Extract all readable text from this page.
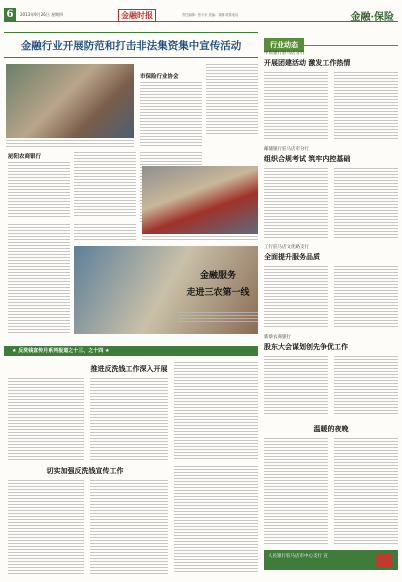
6	2013年9月26日 星期四	金融时报	责任编辑：张小东 美编：刘静 联系电话	金融·保险
金融行业开展防范和打击非法集资集中宣传活动
市保险行业协会
泌阳农商银行
金融服务
走进三农第一线
★ 反洗钱宣传月系列报道之十三、之十四 ★
推进反洗钱工作深入开展
切实加强反洗钱宣传工作
行业动态
中原银行驻马店分行
开展团建活动 激发工作热情
邮储银行驻马店市分行
组织合规考试 筑牢内控基础
工行驻马店文化路支行
全面提升服务品质
新蔡农商银行
股东大会谋划创先争优工作
温暖的夜晚
人民银行驻马店市中心支行 宣
